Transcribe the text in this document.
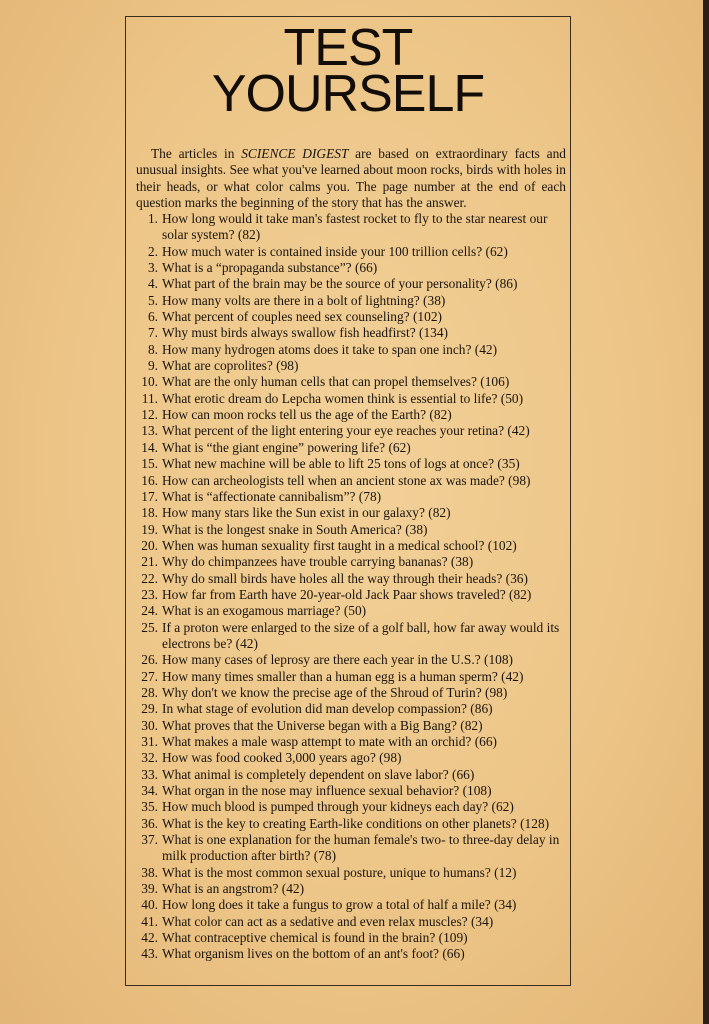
TEST
YOURSELF

The articles in SCIENCE DIGEST are based on extraordinary facts and unusual insights. See what you've learned about moon rocks, birds with holes in their heads, or what color calms you. The page number at the end of each question marks the beginning of the story that has the answer.

1. How long would it take man's fastest rocket to fly to the star nearest our solar system? (82)
2. How much water is contained inside your 100 trillion cells? (62)
3. What is a “propaganda substance”? (66)
4. What part of the brain may be the source of your personality? (86)
5. How many volts are there in a bolt of lightning? (38)
6. What percent of couples need sex counseling? (102)
7. Why must birds always swallow fish headfirst? (134)
8. How many hydrogen atoms does it take to span one inch? (42)
9. What are coprolites? (98)
10. What are the only human cells that can propel themselves? (106)
11. What erotic dream do Lepcha women think is essential to life? (50)
12. How can moon rocks tell us the age of the Earth? (82)
13. What percent of the light entering your eye reaches your retina? (42)
14. What is “the giant engine” powering life? (62)
15. What new machine will be able to lift 25 tons of logs at once? (35)
16. How can archeologists tell when an ancient stone ax was made? (98)
17. What is “affectionate cannibalism”? (78)
18. How many stars like the Sun exist in our galaxy? (82)
19. What is the longest snake in South America? (38)
20. When was human sexuality first taught in a medical school? (102)
21. Why do chimpanzees have trouble carrying bananas? (38)
22. Why do small birds have holes all the way through their heads? (36)
23. How far from Earth have 20-year-old Jack Paar shows traveled? (82)
24. What is an exogamous marriage? (50)
25. If a proton were enlarged to the size of a golf ball, how far away would its electrons be? (42)
26. How many cases of leprosy are there each year in the U.S.? (108)
27. How many times smaller than a human egg is a human sperm? (42)
28. Why don't we know the precise age of the Shroud of Turin? (98)
29. In what stage of evolution did man develop compassion? (86)
30. What proves that the Universe began with a Big Bang? (82)
31. What makes a male wasp attempt to mate with an orchid? (66)
32. How was food cooked 3,000 years ago? (98)
33. What animal is completely dependent on slave labor? (66)
34. What organ in the nose may influence sexual behavior? (108)
35. How much blood is pumped through your kidneys each day? (62)
36. What is the key to creating Earth-like conditions on other planets? (128)
37. What is one explanation for the human female's two- to three-day delay in milk production after birth? (78)
38. What is the most common sexual posture, unique to humans? (12)
39. What is an angstrom? (42)
40. How long does it take a fungus to grow a total of half a mile? (34)
41. What color can act as a sedative and even relax muscles? (34)
42. What contraceptive chemical is found in the brain? (109)
43. What organism lives on the bottom of an ant's foot? (66)
